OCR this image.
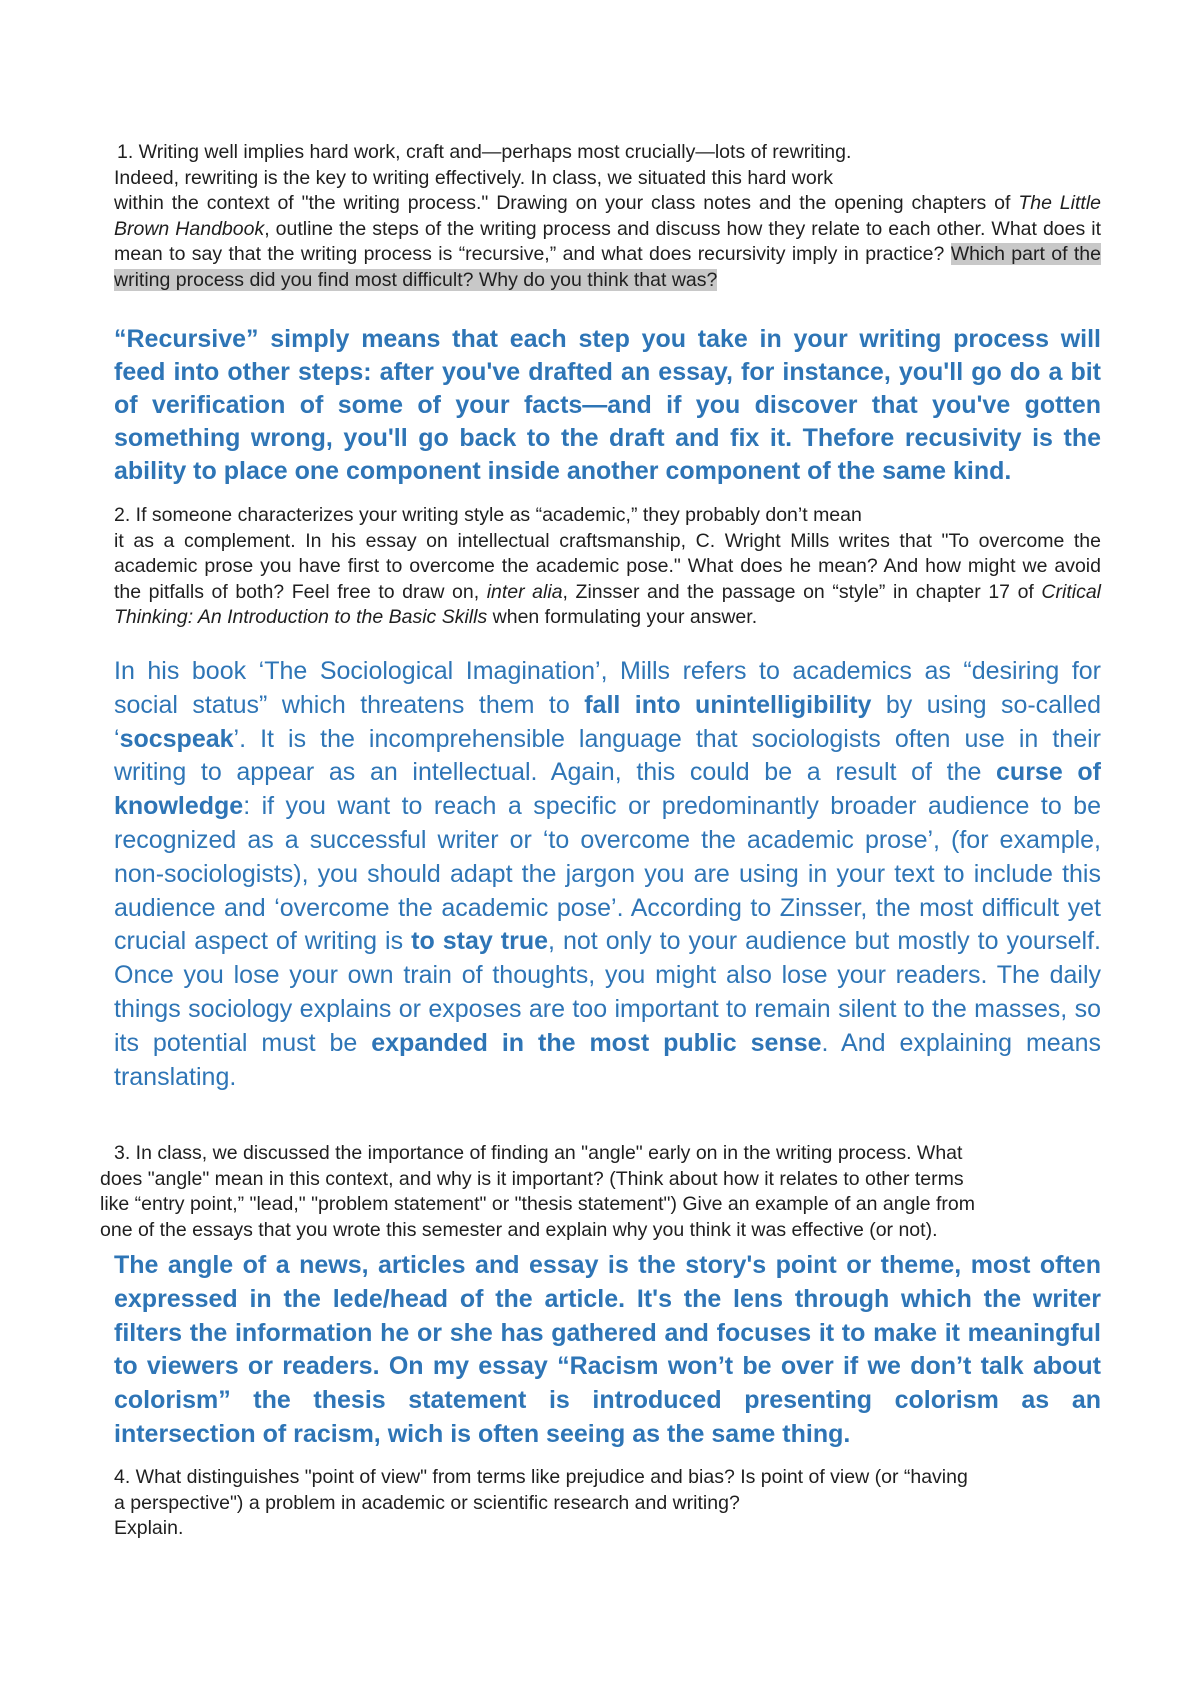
1. Writing well implies hard work, craft and—perhaps most crucially—lots of rewriting.
Indeed, rewriting is the key to writing effectively. In class, we situated this hard work
within the context of "the writing process." Drawing on your class notes and the opening chapters of The Little Brown Handbook, outline the steps of the writing process and discuss how they relate to each other. What does it mean to say that the writing process is “recursive,” and what does recursivity imply in practice? Which part of the writing process did you find most difficult? Why do you think that was?
“Recursive” simply means that each step you take in your writing process will feed into other steps: after you've drafted an essay, for instance, you'll go do a bit of verification of some of your facts—and if you discover that you've gotten something wrong, you'll go back to the draft and fix it. Thefore recusivity is the ability to place one component inside another component of the same kind.
2. If someone characterizes your writing style as “academic,” they probably don’t mean
it as a complement. In his essay on intellectual craftsmanship, C. Wright Mills writes that "To overcome the academic prose you have first to overcome the academic pose." What does he mean? And how might we avoid the pitfalls of both? Feel free to draw on, inter alia, Zinsser and the passage on “style” in chapter 17 of Critical Thinking: An Introduction to the Basic Skills when formulating your answer.
In his book ‘The Sociological Imagination’, Mills refers to academics as “desiring for social status” which threatens them to fall into unintelligibility by using so-called ‘socspeak’. It is the incomprehensible language that sociologists often use in their writing to appear as an intellectual. Again, this could be a result of the curse of knowledge: if you want to reach a specific or predominantly broader audience to be recognized as a successful writer or ‘to overcome the academic prose’, (for example, non-sociologists), you should adapt the jargon you are using in your text to include this audience and ‘overcome the academic pose’. According to Zinsser, the most difficult yet crucial aspect of writing is to stay true, not only to your audience but mostly to yourself. Once you lose your own train of thoughts, you might also lose your readers. The daily things sociology explains or exposes are too important to remain silent to the masses, so its potential must be expanded in the most public sense. And explaining means translating.
3. In class, we discussed the importance of finding an "angle" early on in the writing process. What
does "angle" mean in this context, and why is it important? (Think about how it relates to other terms
like “entry point,” "lead," "problem statement" or "thesis statement") Give an example of an angle from
one of the essays that you wrote this semester and explain why you think it was effective (or not).
The angle of a news, articles and essay is the story's point or theme, most often expressed in the lede/head of the article. It's the lens through which the writer filters the information he or she has gathered and focuses it to make it meaningful to viewers or readers. On my essay “Racism won’t be over if we don’t talk about colorism” the thesis statement is introduced presenting colorism as an intersection of racism, wich is often seeing as the same thing.
4. What distinguishes "point of view" from terms like prejudice and bias? Is point of view (or “having
a perspective") a problem in academic or scientific research and writing?
Explain.
